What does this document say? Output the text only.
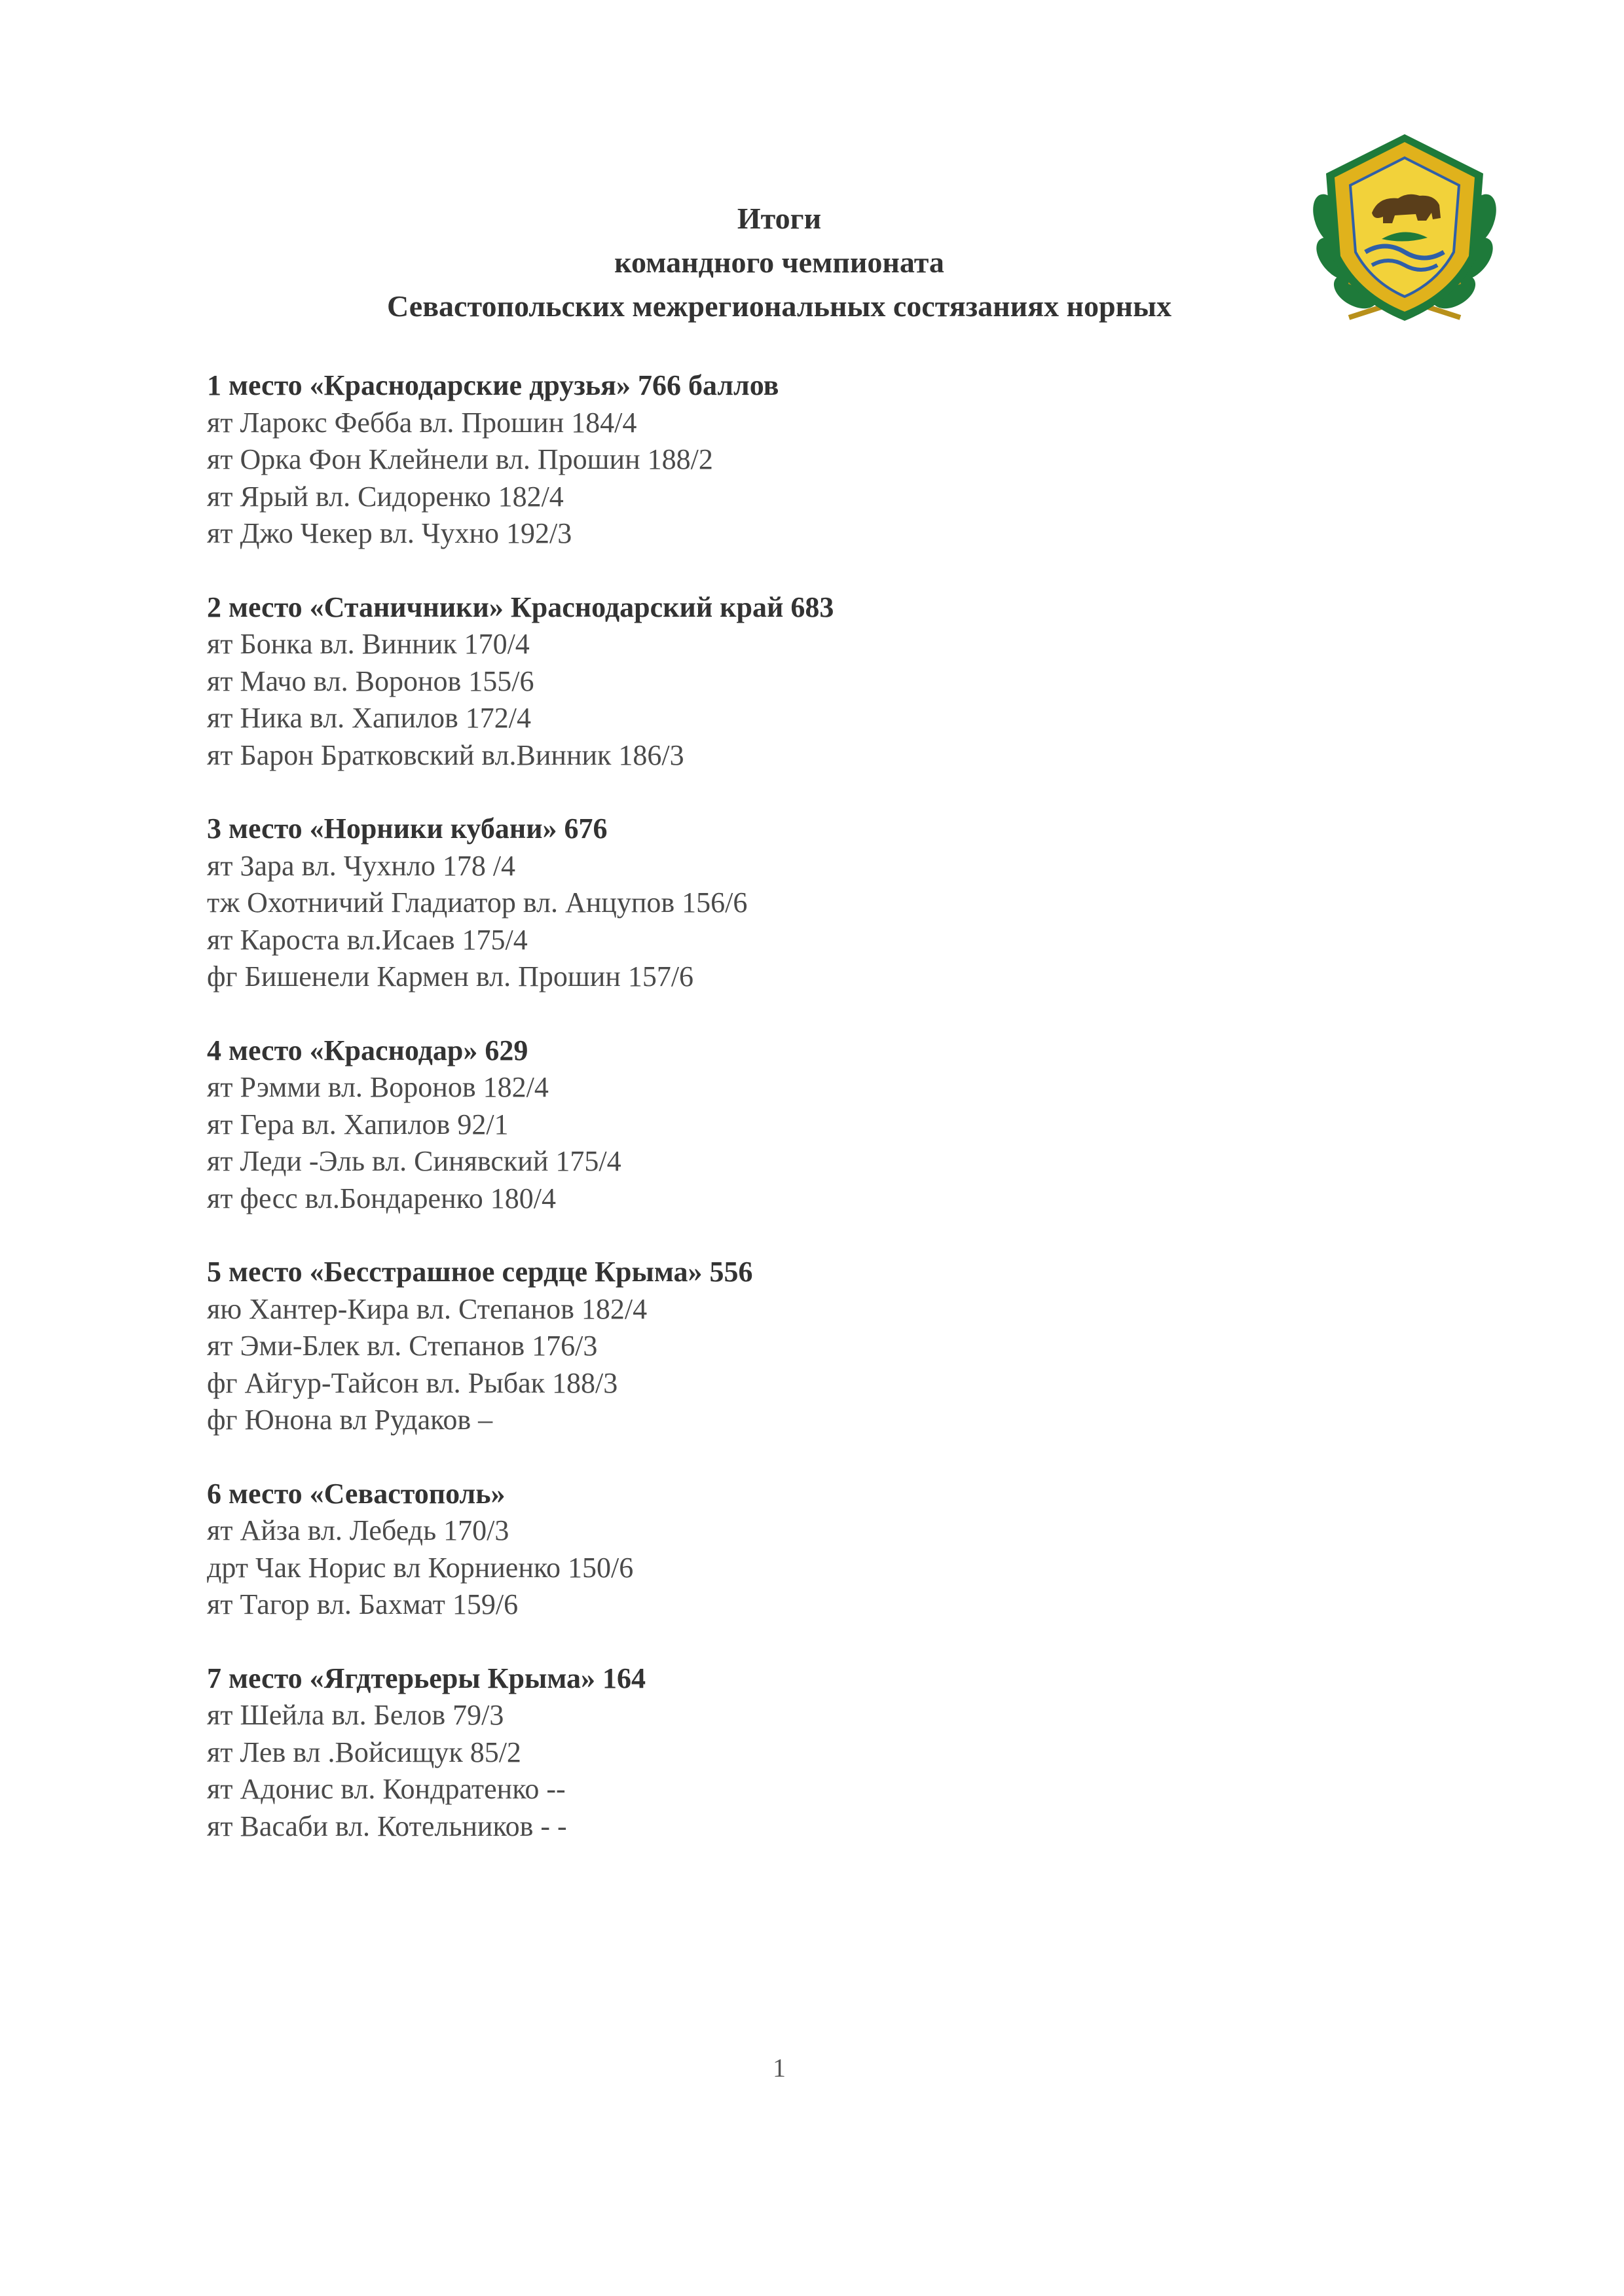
Итоги
командного чемпионата
Севастопольских межрегиональных состязаниях норных
1 место «Краснодарские друзья» 766 баллов
ят Ларокс Феббa вл. Прошин 184/4
ят Орка Фон Клейнели вл. Прошин 188/2
ят Ярый вл. Сидоренко 182/4
ят Джо Чекер вл. Чухно 192/3
2 место «Станичники» Краснодарский край 683
ят Бонка вл. Винник 170/4
ят Мачо вл. Воронов 155/6
ят Ника вл. Хапилов 172/4
ят Барон Братковский вл.Винник 186/3
3 место «Норники кубани» 676
ят Зара вл. Чухнло 178 /4
тж Охотничий Гладиатор вл. Анцупов 156/6
ят Кароста вл.Исаев 175/4
фг Бишенели Кармен вл. Прошин 157/6
4 место «Краснодар» 629
ят Рэмми вл. Воронов 182/4
ят Гера вл. Хапилов 92/1
ят Леди -Эль вл. Синявский 175/4
ят фесс вл.Бондаренко 180/4
5 место «Бесстрашное сердце Крыма» 556
яю Хантер-Кира вл. Степанов 182/4
ят Эми-Блек вл. Степанов 176/3
фг Айгур-Тайсон вл. Рыбак 188/3
фг Юнона вл Рудаков –
6 место «Севастополь»
ят Айза вл. Лебедь 170/3
дрт Чак Норис вл Корниенко 150/6
ят Тагор вл. Бахмат 159/6
7 место «Ягдтерьеры Крыма» 164
ят Шейла вл. Белов 79/3
ят Лев вл .Войсищук 85/2
ят Адонис вл. Кондратенко --
ят Васаби вл. Котельников - -
1
